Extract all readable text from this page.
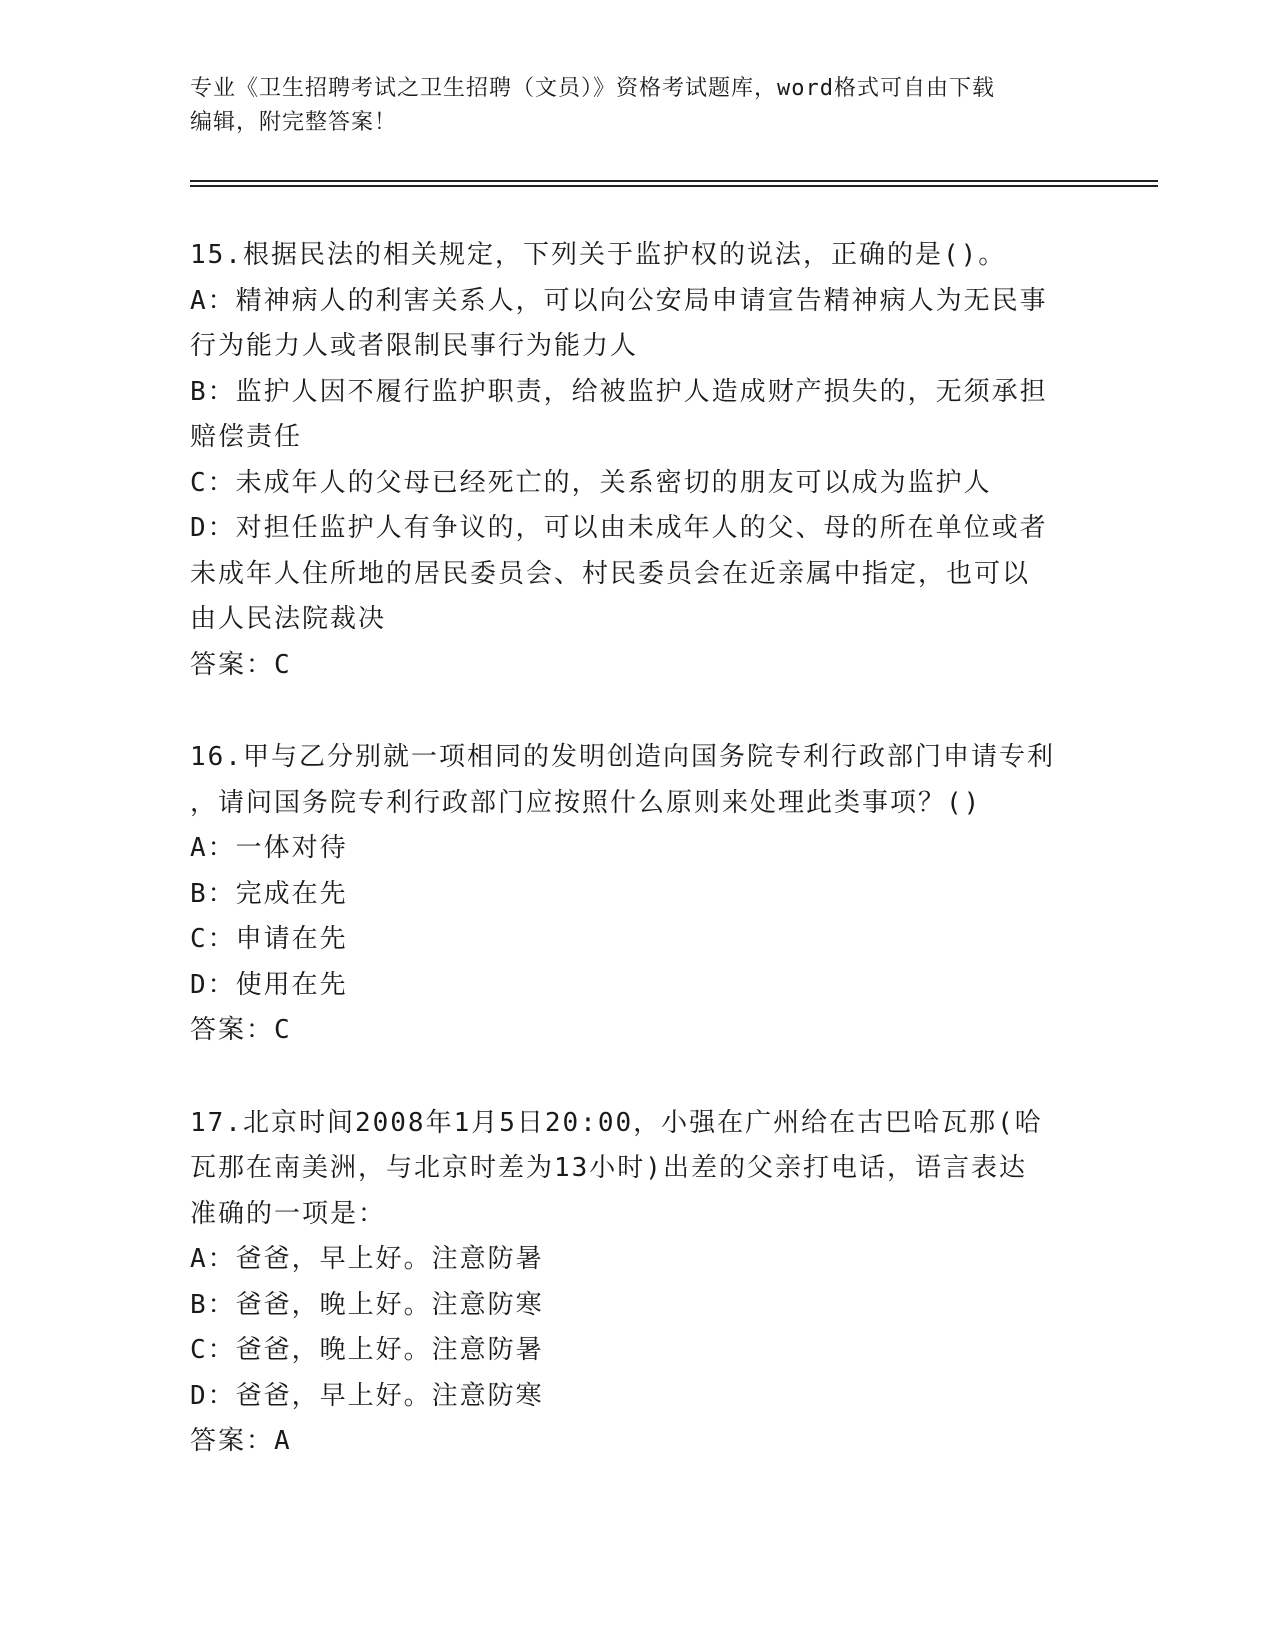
专业《卫生招聘考试之卫生招聘（文员）》资格考试题库，word格式可自由下载
编辑，附完整答案！
15.根据民法的相关规定，下列关于监护权的说法，正确的是()。
A：精神病人的利害关系人，可以向公安局申请宣告精神病人为无民事
行为能力人或者限制民事行为能力人
B：监护人因不履行监护职责，给被监护人造成财产损失的，无须承担
赔偿责任
C：未成年人的父母已经死亡的，关系密切的朋友可以成为监护人
D：对担任监护人有争议的，可以由未成年人的父、母的所在单位或者
未成年人住所地的居民委员会、村民委员会在近亲属中指定，也可以
由人民法院裁决
答案：C
16.甲与乙分别就一项相同的发明创造向国务院专利行政部门申请专利
，请问国务院专利行政部门应按照什么原则来处理此类事项？()
A：一体对待
B：完成在先
C：申请在先
D：使用在先
答案：C
17.北京时间2008年1月5日20:00，小强在广州给在古巴哈瓦那(哈
瓦那在南美洲，与北京时差为13小时)出差的父亲打电话，语言表达
准确的一项是：
A：爸爸，早上好。注意防暑
B：爸爸，晚上好。注意防寒
C：爸爸，晚上好。注意防暑
D：爸爸，早上好。注意防寒
答案：A
